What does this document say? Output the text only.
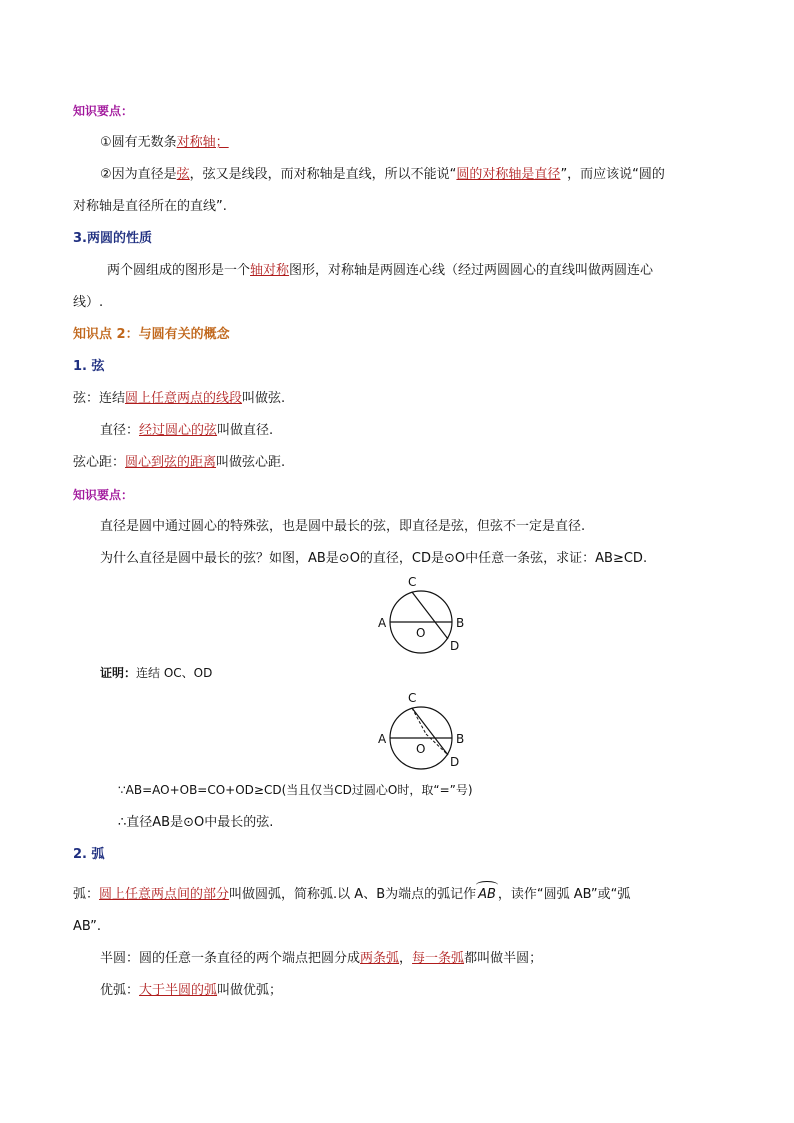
知识要点：
①圆有无数条对称轴；
②因为直径是弦，弦又是线段，而对称轴是直线，所以不能说“圆的对称轴是直径”，而应该说“圆的
对称轴是直径所在的直线”.
3.两圆的性质
两个圆组成的图形是一个轴对称图形，对称轴是两圆连心线（经过两圆圆心的直线叫做两圆连心
线）.
知识点 2：与圆有关的概念
1. 弦
弦：连结圆上任意两点的线段叫做弦.
直径：经过圆心的弦叫做直径.
弦心距：圆心到弦的距离叫做弦心距.
知识要点：
直径是圆中通过圆心的特殊弦，也是圆中最长的弦，即直径是弦，但弦不一定是直径.
为什么直径是圆中最长的弦？如图，AB是⊙O的直径，CD是⊙O中任意一条弦，求证：AB≥CD.
A	B
C
D
O
证明：连结 OC、OD
A	B
C
D
O
∵AB=AO+OB=CO+OD≥CD(当且仅当CD过圆心O时，取“=”号)
∴直径AB是⊙O中最长的弦.
2. 弧
弧：圆上任意两点间的部分叫做圆弧，简称弧.以 A、B为端点的弧记作 AB ，读作“圆弧 AB”或“弧
AB”.
半圆：圆的任意一条直径的两个端点把圆分成两条弧，每一条弧都叫做半圆；
优弧：大于半圆的弧叫做优弧；
